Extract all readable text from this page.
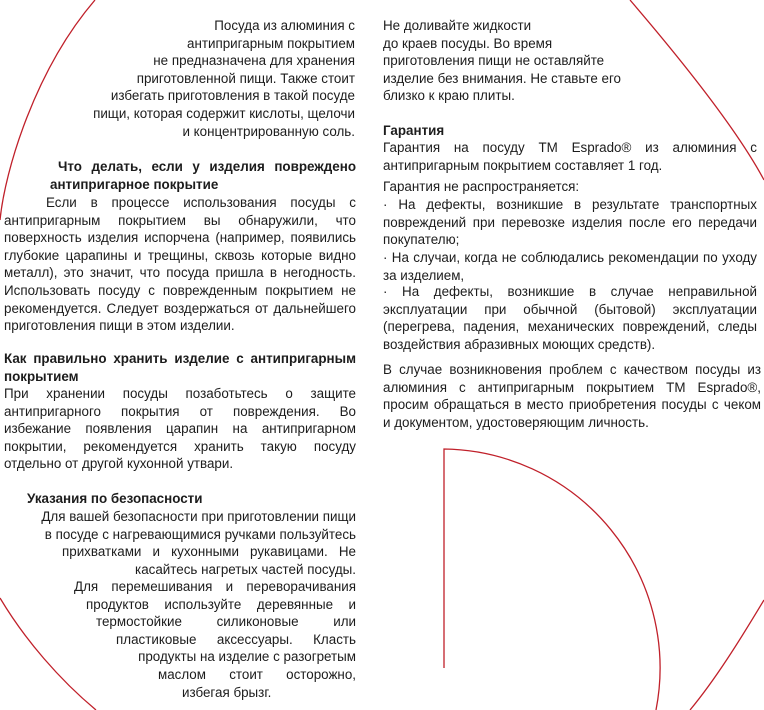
Посуда из алюминия с
антипригарным покрытием
не предназначена для хранения
приготовленной пищи. Также стоит
избегать приготовления в такой посуде
пищи, которая содержит кислоты, щелочи
и концентрированную соль.
Что делать, если у изделия повреждено антипригарное покрытие

Если в процессе использования посуды с антипригарным покрытием вы обнаружили, что поверхность изделия испорчена (например, появились глубокие царапины и трещины, сквозь которые видно металл), это значит, что посуда пришла в негодность. Использовать посуду с поврежденным покрытием не рекомендуется. Следует воздержаться от дальнейшего приготовления пищи в этом изделии.

Как правильно хранить изделие с антипригарным покрытием

При хранении посуды позаботьтесь о защите антипригарного покрытия от повреждения. Во избежание появления царапин на антипригарном покрытии, рекомендуется хранить такую посуду отдельно от другой кухонной утвари.

Указания по безопасности
Для вашей безопасности при приготовлении пищи
в посуде с нагревающимися ручками пользуйтесь
прихватками и кухонными рукавицами. Не
касайтесь нагретых частей посуды.
Для перемешивания и переворачивания
продуктов используйте деревянные и
термостойкие силиконовые или
пластиковые аксессуары. Класть
продукты на изделие с разогретым
маслом стоит осторожно,
избегая брызг.
Не доливайте жидкости
до краев посуды. Во время
приготовления пищи не оставляйте
изделие без внимания. Не ставьте его
близко к краю плиты.
Гарантия

Гарантия на посуду ТМ Esprado® из алюминия с антипригарным покрытием составляет 1 год.

Гарантия не распространяется:

· На дефекты, возникшие в результате транспортных повреждений при перевозке изделия после его передачи покупателю;

· На случаи, когда не соблюдались рекомендации по уходу за изделием,

· На дефекты, возникшие в случае неправильной эксплуатации при обычной (бытовой) эксплуатации (перегрева, падения, механических повреждений, следы воздействия абразивных моющих средств).

В случае возникновения проблем с качеством посуды из алюминия с антипригарным покрытием ТМ Esprado®, просим обращаться в место приобретения посуды с чеком и документом, удостоверяющим личность.
